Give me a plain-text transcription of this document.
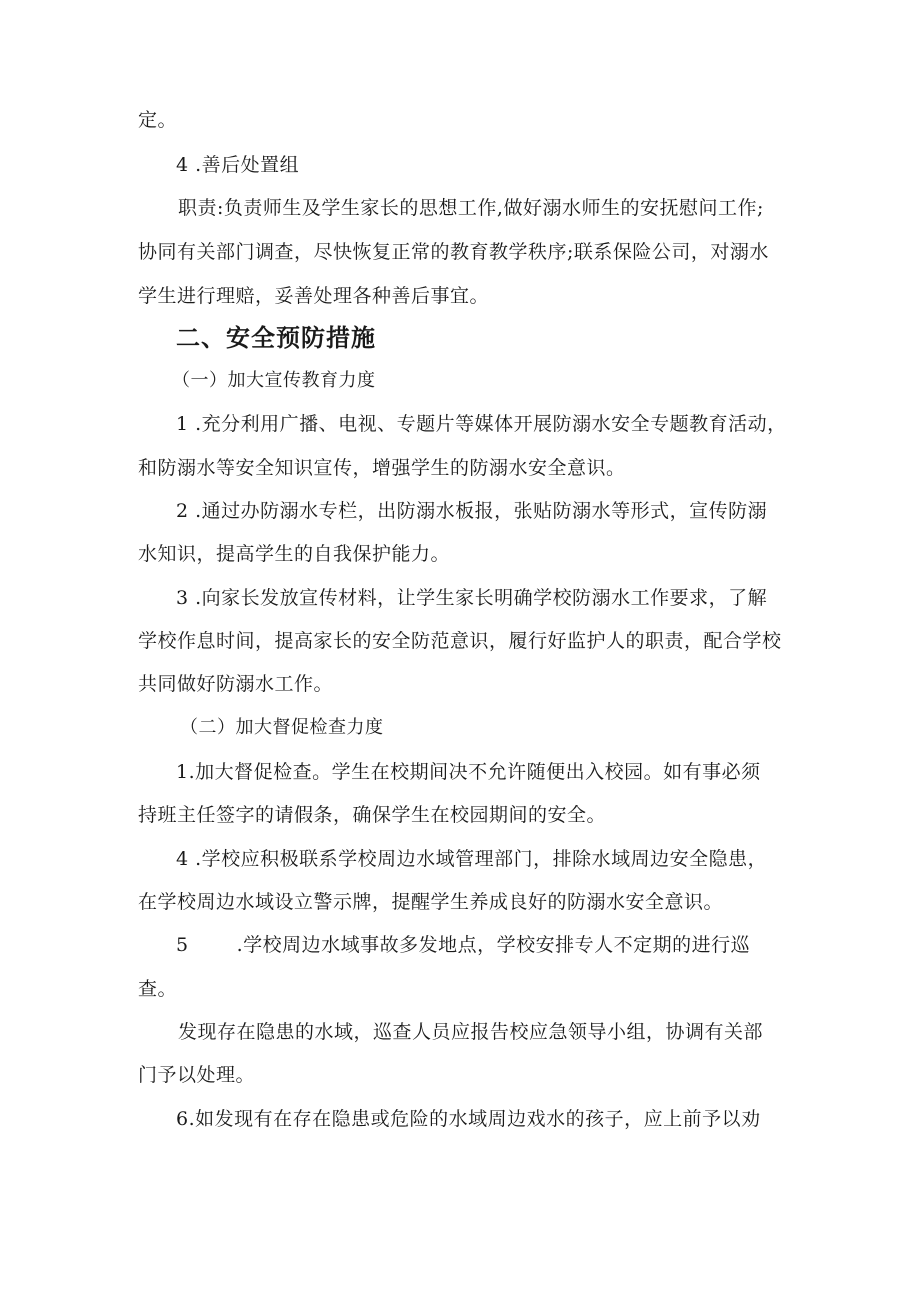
定。
4 .善后处置组
职责:负责师生及学生家长的思想工作,做好溺水师生的安抚慰问工作;
协同有关部门调查，尽快恢复正常的教育教学秩序;联系保险公司，对溺水
学生进行理赔，妥善处理各种善后事宜。
二、安全预防措施
（一）加大宣传教育力度
1 .充分利用广播、电视、专题片等媒体开展防溺水安全专题教育活动，
和防溺水等安全知识宣传，增强学生的防溺水安全意识。
2 .通过办防溺水专栏，出防溺水板报，张贴防溺水等形式，宣传防溺
水知识，提高学生的自我保护能力。
3 .向家长发放宣传材料，让学生家长明确学校防溺水工作要求，了解
学校作息时间，提高家长的安全防范意识，履行好监护人的职责，配合学校
共同做好防溺水工作。
（二）加大督促检查力度
1.加大督促检查。学生在校期间决不允许随便出入校园。如有事必须
持班主任签字的请假条，确保学生在校园期间的安全。
4 .学校应积极联系学校周边水域管理部门，排除水域周边安全隐患，
在学校周边水域设立警示牌，提醒学生养成良好的防溺水安全意识。
5	.学校周边水域事故多发地点，学校安排专人不定期的进行巡
查。
发现存在隐患的水域，巡查人员应报告校应急领导小组，协调有关部
门予以处理。
6.如发现有在存在隐患或危险的水域周边戏水的孩子，应上前予以劝
